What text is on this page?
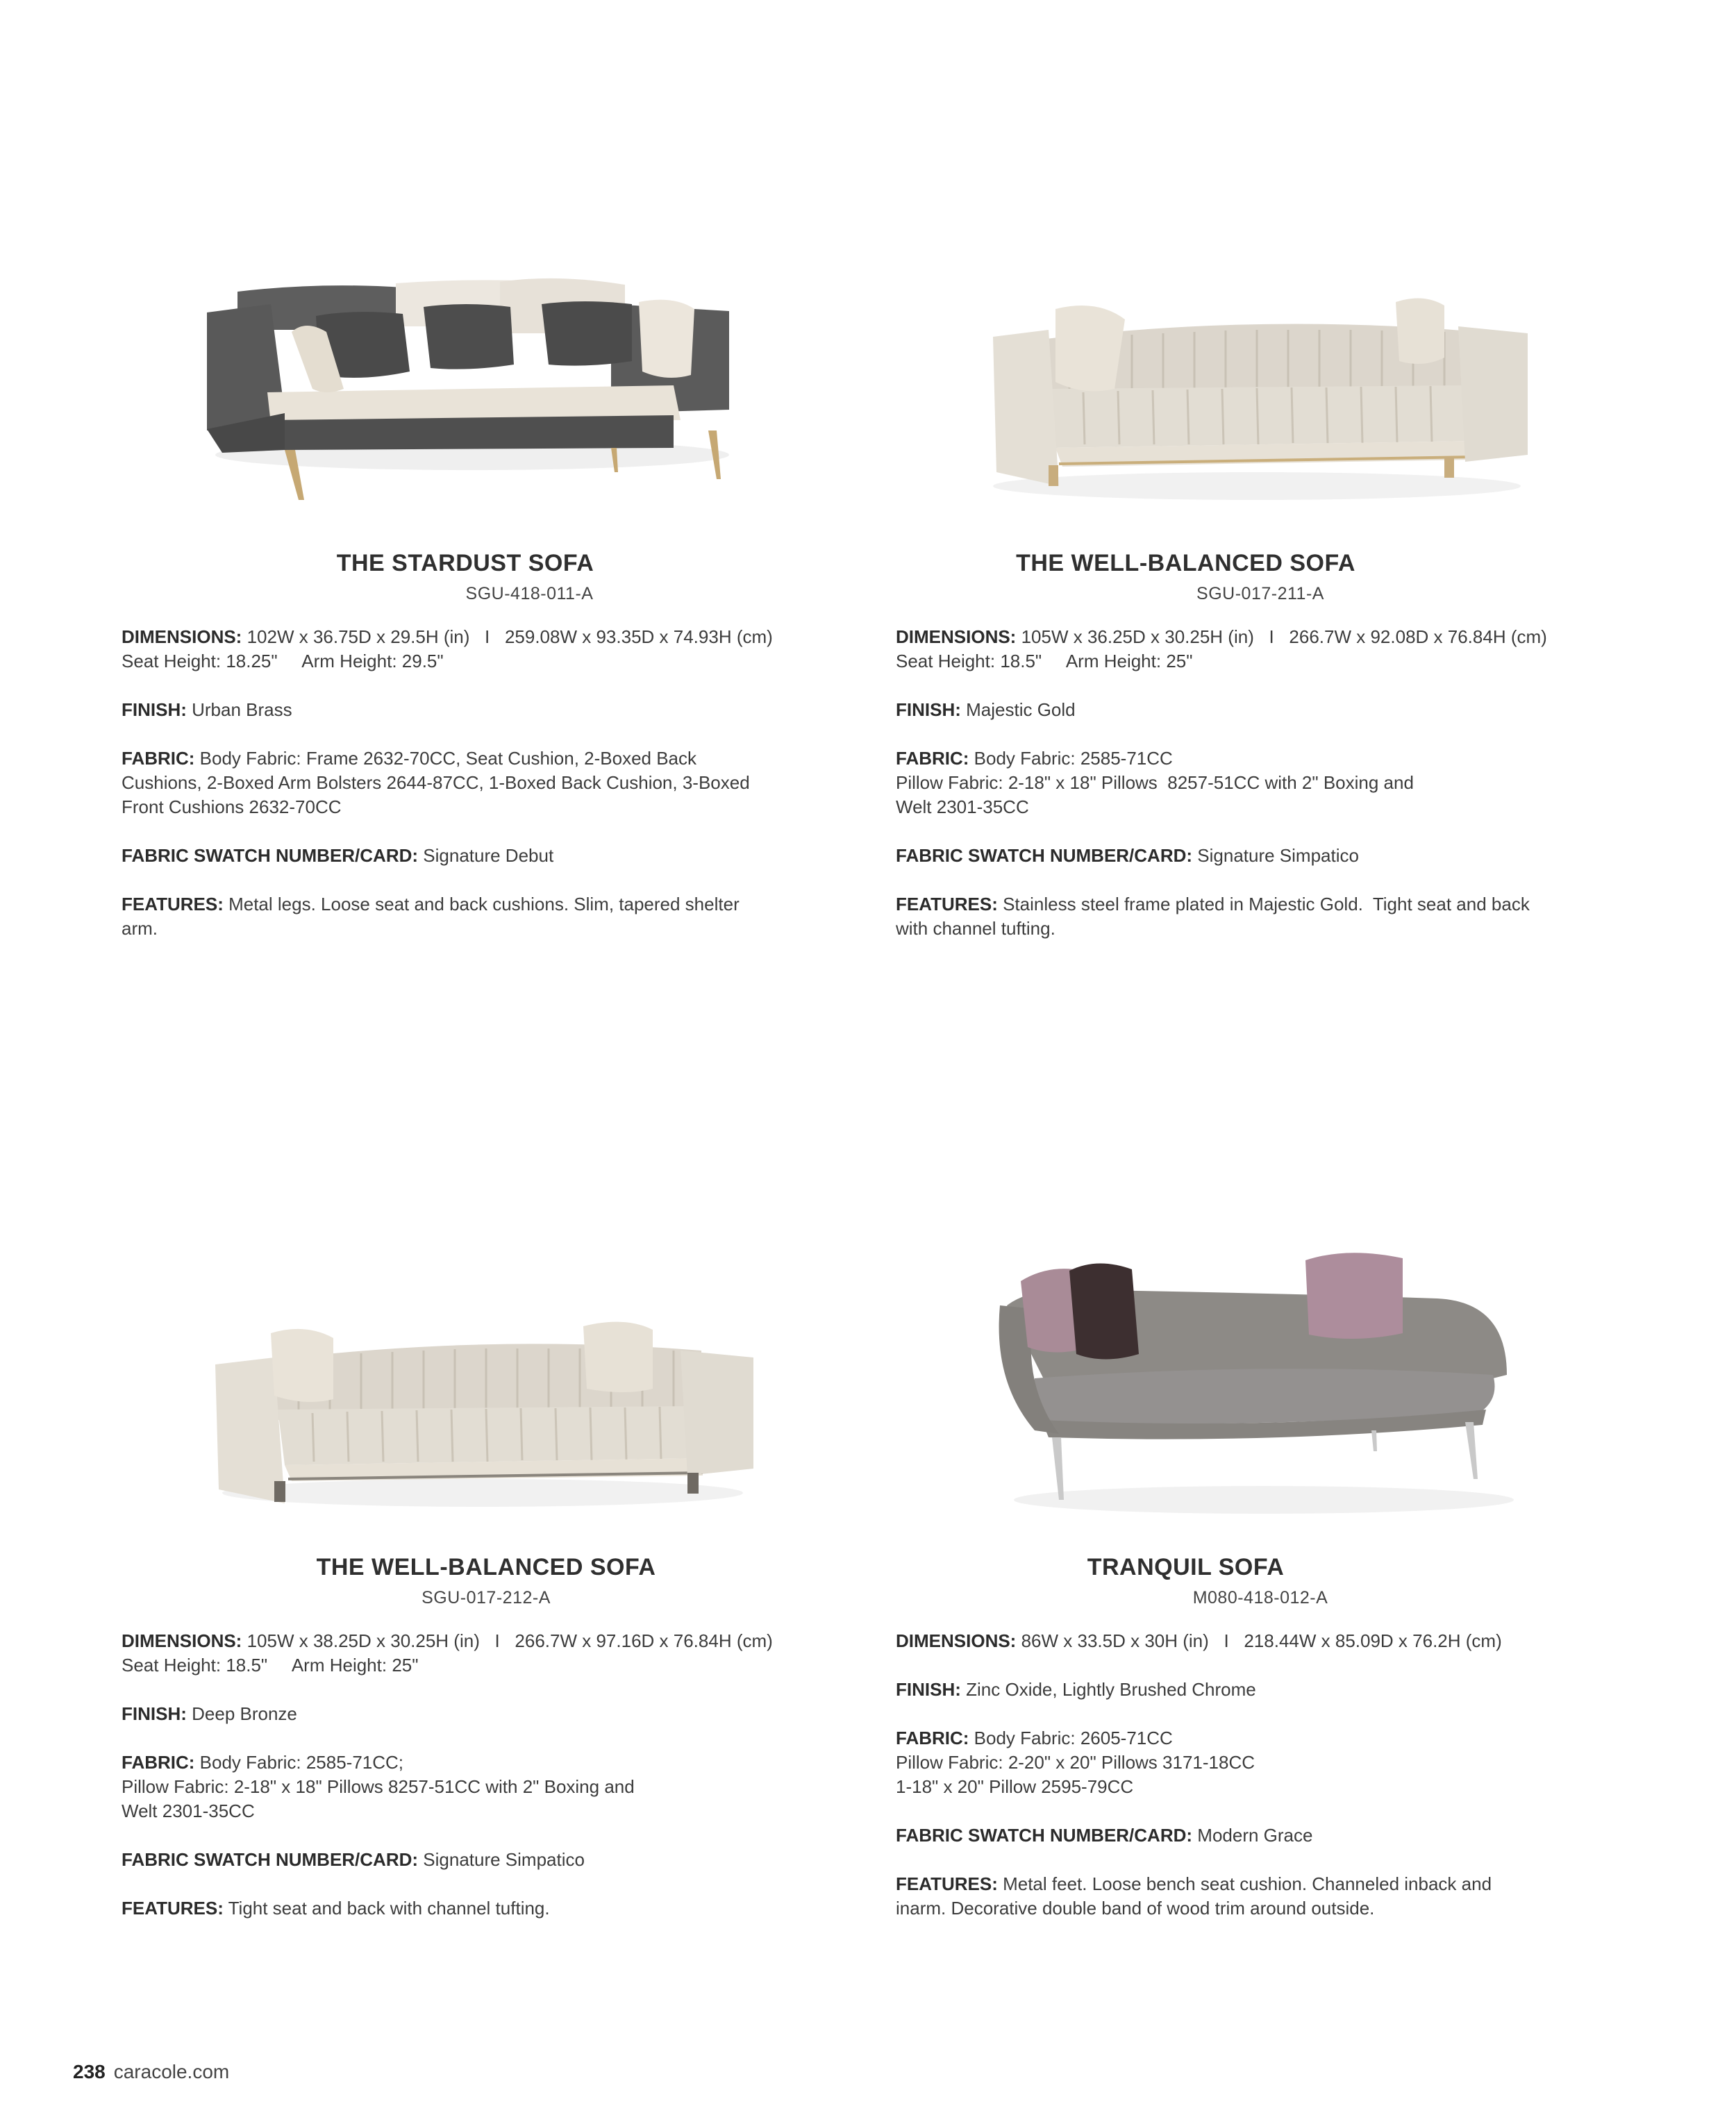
THE STARDUST SOFA
SGU-418-011-A
DIMENSIONS: 102W x 36.75D x 29.5H (in)   I   259.08W x 93.35D x 74.93H (cm)
Seat Height: 18.25"     Arm Height: 29.5"
FINISH: Urban Brass
FABRIC: Body Fabric: Frame 2632-70CC, Seat Cushion, 2-Boxed Back
Cushions, 2-Boxed Arm Bolsters 2644-87CC, 1-Boxed Back Cushion, 3-Boxed
Front Cushions 2632-70CC
FABRIC SWATCH NUMBER/CARD: Signature Debut
FEATURES: Metal legs. Loose seat and back cushions. Slim, tapered shelter
arm.
THE WELL-BALANCED SOFA
SGU-017-211-A
DIMENSIONS: 105W x 36.25D x 30.25H (in)   I   266.7W x 92.08D x 76.84H (cm)
Seat Height: 18.5"     Arm Height: 25"
FINISH: Majestic Gold
FABRIC: Body Fabric: 2585-71CC
Pillow Fabric: 2-18" x 18" Pillows  8257-51CC with 2" Boxing and
Welt 2301-35CC
FABRIC SWATCH NUMBER/CARD: Signature Simpatico
FEATURES: Stainless steel frame plated in Majestic Gold.  Tight seat and back
with channel tufting.
THE WELL-BALANCED SOFA
SGU-017-212-A
DIMENSIONS: 105W x 38.25D x 30.25H (in)   I   266.7W x 97.16D x 76.84H (cm)
Seat Height: 18.5"     Arm Height: 25"
FINISH: Deep Bronze
FABRIC: Body Fabric: 2585-71CC;
Pillow Fabric: 2-18" x 18" Pillows 8257-51CC with 2" Boxing and
Welt 2301-35CC
FABRIC SWATCH NUMBER/CARD: Signature Simpatico
FEATURES: Tight seat and back with channel tufting.
TRANQUIL SOFA
M080-418-012-A
DIMENSIONS: 86W x 33.5D x 30H (in)   I   218.44W x 85.09D x 76.2H (cm)
FINISH: Zinc Oxide, Lightly Brushed Chrome
FABRIC: Body Fabric: 2605-71CC
Pillow Fabric: 2-20" x 20" Pillows 3171-18CC
1-18" x 20" Pillow 2595-79CC
FABRIC SWATCH NUMBER/CARD: Modern Grace
FEATURES: Metal feet. Loose bench seat cushion. Channeled inback and
inarm. Decorative double band of wood trim around outside.
238 caracole.com
